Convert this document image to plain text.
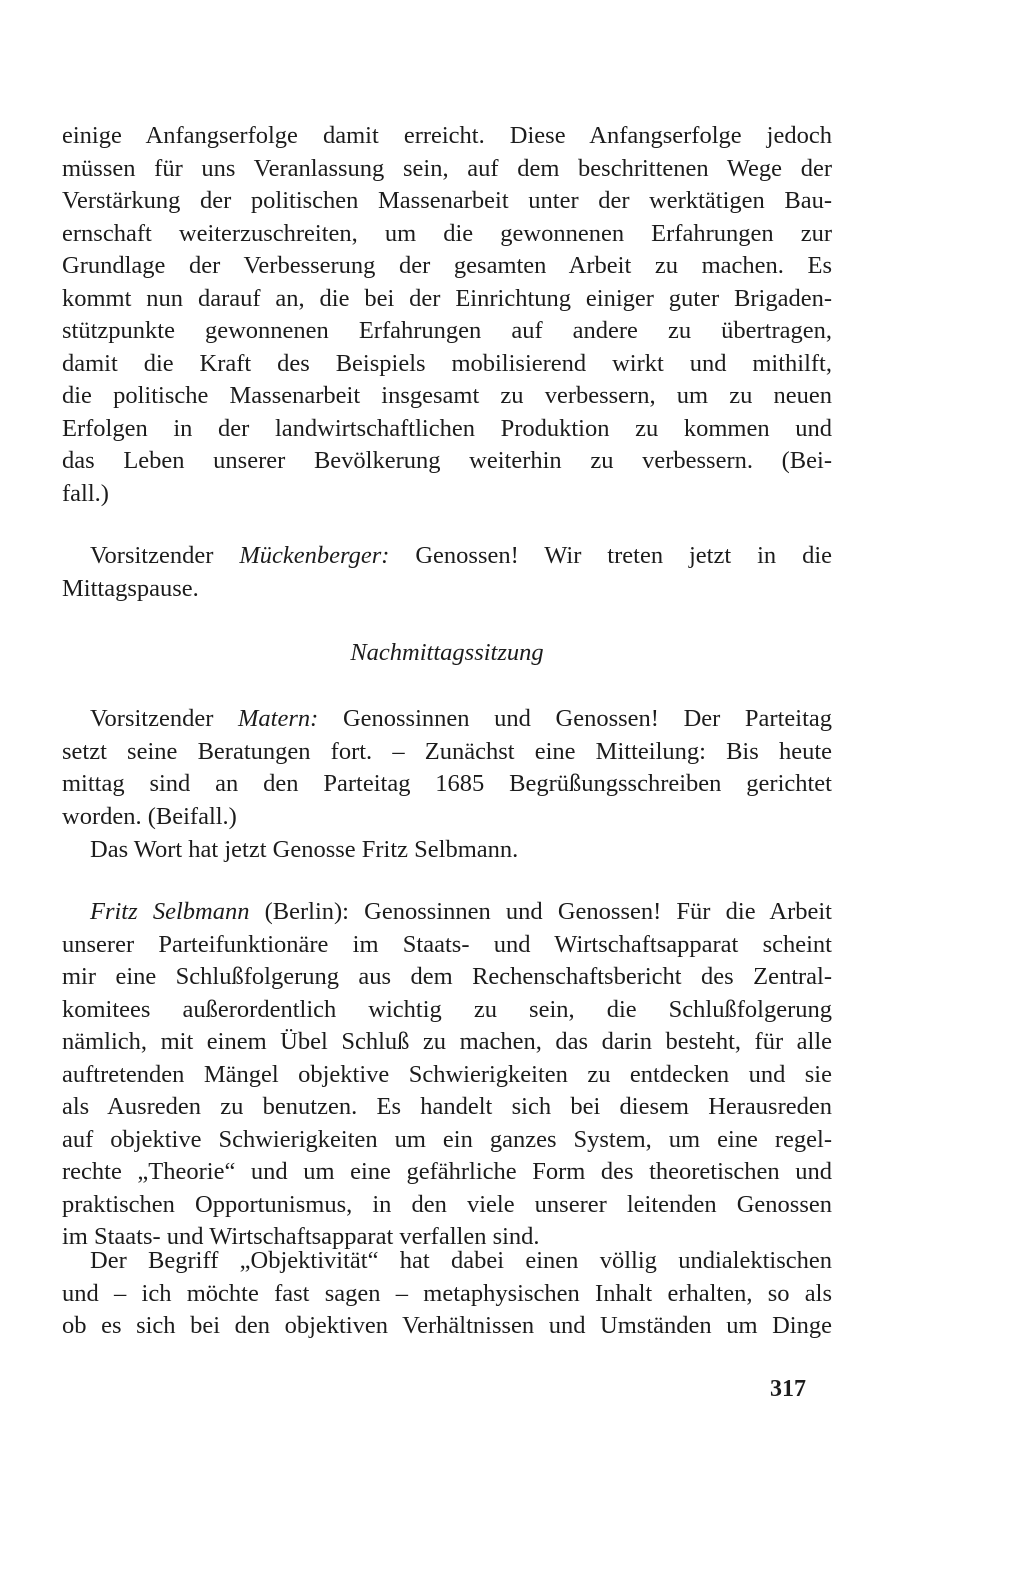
einige Anfangserfolge damit erreicht. Diese Anfangserfolge jedoch
müssen für uns Veranlassung sein, auf dem beschrittenen Wege der
Verstärkung der politischen Massenarbeit unter der werktätigen Bau-
ernschaft weiterzuschreiten, um die gewonnenen Erfahrungen zur
Grundlage der Verbesserung der gesamten Arbeit zu machen. Es
kommt nun darauf an, die bei der Einrichtung einiger guter Brigaden-
stützpunkte gewonnenen Erfahrungen auf andere zu übertragen,
damit die Kraft des Beispiels mobilisierend wirkt und mithilft,
die politische Massenarbeit insgesamt zu verbessern, um zu neuen
Erfolgen in der landwirtschaftlichen Produktion zu kommen und
das Leben unserer Bevölkerung weiterhin zu verbessern. (Bei-
fall.)
Vorsitzender Mückenberger: Genossen! Wir treten jetzt in die
Mittagspause.
Nachmittagssitzung
Vorsitzender Matern: Genossinnen und Genossen! Der Parteitag
setzt seine Beratungen fort. – Zunächst eine Mitteilung: Bis heute
mittag sind an den Parteitag 1685 Begrüßungsschreiben gerichtet
worden. (Beifall.)
Das Wort hat jetzt Genosse Fritz Selbmann.
Fritz Selbmann (Berlin): Genossinnen und Genossen! Für die Arbeit
unserer Parteifunktionäre im Staats- und Wirtschaftsapparat scheint
mir eine Schlußfolgerung aus dem Rechenschaftsbericht des Zentral-
komitees außerordentlich wichtig zu sein, die Schlußfolgerung
nämlich, mit einem Übel Schluß zu machen, das darin besteht, für alle
auftretenden Mängel objektive Schwierigkeiten zu entdecken und sie
als Ausreden zu benutzen. Es handelt sich bei diesem Herausreden
auf objektive Schwierigkeiten um ein ganzes System, um eine regel-
rechte „Theorie“ und um eine gefährliche Form des theoretischen und
praktischen Opportunismus, in den viele unserer leitenden Genossen
im Staats- und Wirtschaftsapparat verfallen sind.
Der Begriff „Objektivität“ hat dabei einen völlig undialektischen
und – ich möchte fast sagen – metaphysischen Inhalt erhalten, so als
ob es sich bei den objektiven Verhältnissen und Umständen um Dinge
317
